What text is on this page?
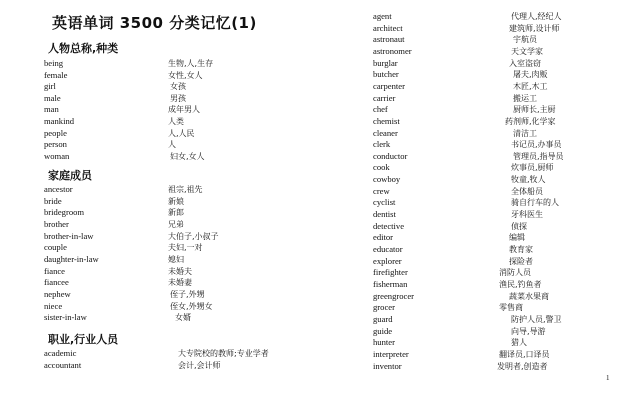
英语单词 3500 分类记忆(1)
人物总称,种类
being	生物,人,生存
female	女性,女人
girl	女孩
male	男孩
man	成年男人
mankind	人类
people	人,人民
person	人
woman	妇女,女人
家庭成员
ancestor	祖宗,祖先
bride	新娘
bridegroom	新郎
brother	兄弟
brother-in-law	大伯子,小叔子
couple	夫妇,一对
daughter-in-law	媳妇
fiance	未婚夫
fiancee	未婚妻
nephew	侄子,外甥
niece	侄女,外甥女
sister-in-law	女婿
职业,行业人员
academic	大专院校的教师;专业学者
accountant	会计,会计师
agent	代理人,经纪人
architect	建筑师,设计师
astronaut	宇航员
astronomer	天文学家
burglar	入室盗窃
butcher	屠夫,肉贩
carpenter	木匠,木工
carrier	搬运工
chef	厨师长,主厨
chemist	药剂师,化学家
cleaner	清洁工
clerk	书记员,办事员
conductor	管理员,指导员
cook	炊事员,厨师
cowboy	牧童,牧人
crew	全体船员
cyclist	骑自行车的人
dentist	牙科医生
detective	侦探
editor	编辑
educator	教育家
explorer	探险者
firefighter	消防人员
fisherman	渔民,钓鱼者
greengrocer	蔬菜水果商
grocer	零售商
guard	防护人员,警卫
guide	向导,导游
hunter	猎人
interpreter	翻译员,口译员
inventor	发明者,创造者
1
